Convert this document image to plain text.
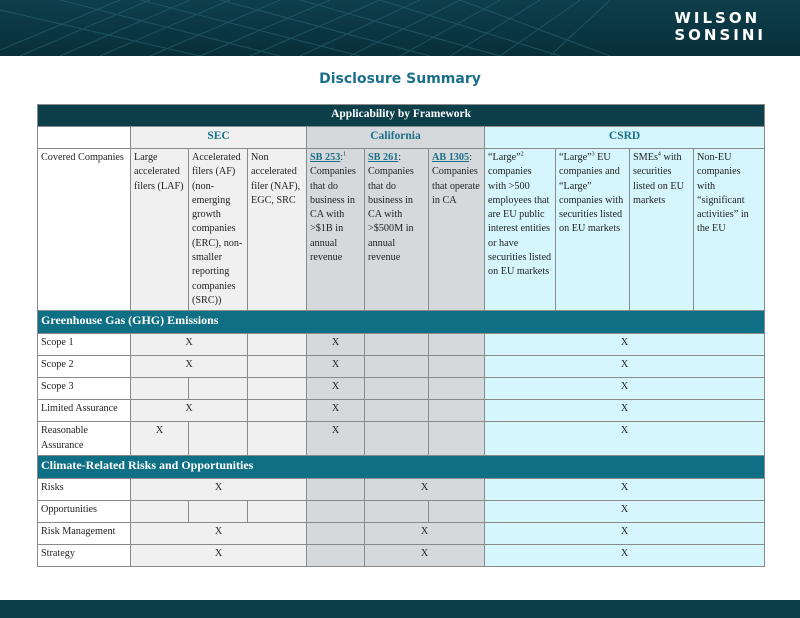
WILSON
SONSINI
Disclosure Summary
Applicability by Framework										
	SEC			California			CSRD			
Covered Companies	Large accelerated filers (LAF)	Accelerated filers (AF) (non-emerging growth companies (ERC), non-smaller reporting companies (SRC))	Non accelerated filer (NAF), EGC, SRC	SB 253:$^1$ Companies that do business in CA with >$1B in annual revenue	SB 261: Companies that do business in CA with >$500M in annual revenue	AB 1305: Companies that operate in CA	“Large”$^2$ companies with >500 employees that are EU public interest entities or have securities listed on EU markets	“Large”$^3$ EU companies and “Large” companies with securities listed on EU markets	SMEs$^4$ with securities listed on EU markets	Non-EU companies with “significant activities” in the EU
Greenhouse Gas (GHG) Emissions										
Scope 1	X			X			X			
Scope 2	X			X			X			
Scope 3				X			X			
Limited Assurance	X			X			X			
Reasonable Assurance	X			X			X			
Climate-Related Risks and Opportunities										
Risks	X				X		X			
Opportunities							X			
Risk Management	X				X		X			
Strategy	X				X		X			
